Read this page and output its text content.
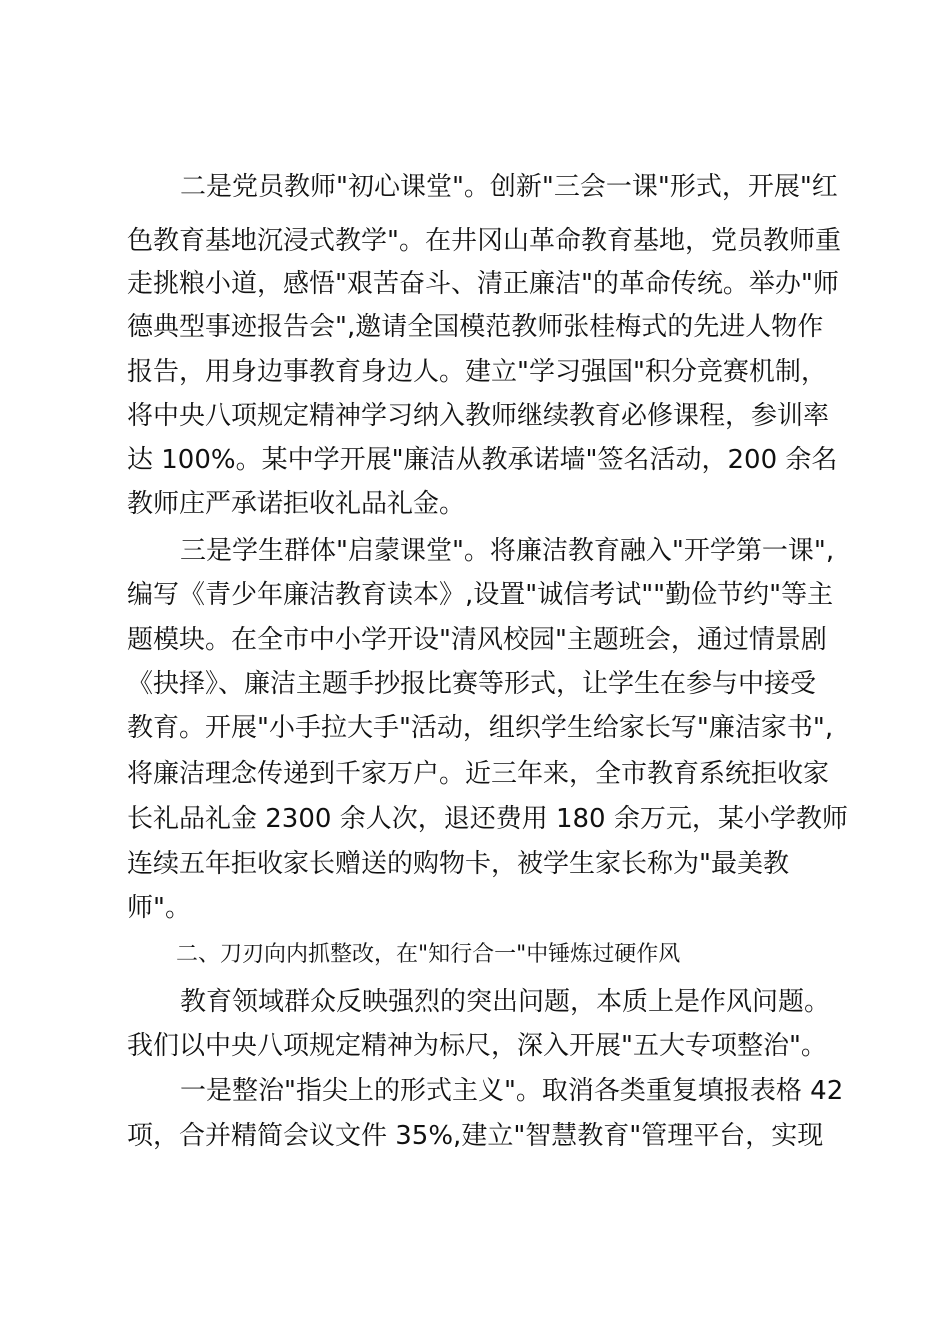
二是党员教师"初心课堂"。创新"三会一课"形式，开展"红
色教育基地沉浸式教学"。在井冈山革命教育基地，党员教师重
走挑粮小道，感悟"艰苦奋斗、清正廉洁"的革命传统。举办"师
德典型事迹报告会",邀请全国模范教师张桂梅式的先进人物作
报告，用身边事教育身边人。建立"学习强国"积分竞赛机制，
将中央八项规定精神学习纳入教师继续教育必修课程，参训率
达 100%。某中学开展"廉洁从教承诺墙"签名活动，200 余名
教师庄严承诺拒收礼品礼金。
三是学生群体"启蒙课堂"。将廉洁教育融入"开学第一课",
编写《青少年廉洁教育读本》,设置"诚信考试""勤俭节约"等主
题模块。在全市中小学开设"清风校园"主题班会，通过情景剧
《抉择》、廉洁主题手抄报比赛等形式，让学生在参与中接受
教育。开展"小手拉大手"活动，组织学生给家长写"廉洁家书",
将廉洁理念传递到千家万户。近三年来，全市教育系统拒收家
长礼品礼金 2300 余人次，退还费用 180 余万元，某小学教师
连续五年拒收家长赠送的购物卡，被学生家长称为"最美教
师"。
二、刀刃向内抓整改，在"知行合一"中锤炼过硬作风
教育领域群众反映强烈的突出问题，本质上是作风问题。
我们以中央八项规定精神为标尺，深入开展"五大专项整治"。
一是整治"指尖上的形式主义"。取消各类重复填报表格 42
项，合并精简会议文件 35%,建立"智慧教育"管理平台，实现
